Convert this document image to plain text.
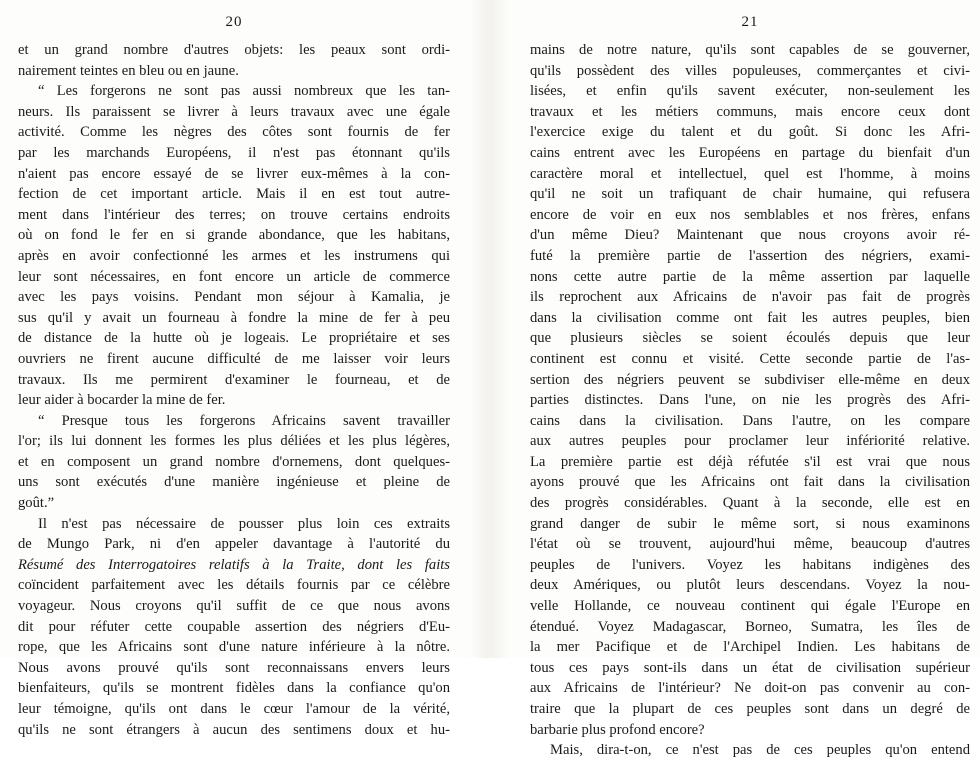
20
et un grand nombre d'autres objets: les peaux sont ordi-
nairement teintes en bleu ou en jaune.
“ Les forgerons ne sont pas aussi nombreux que les tan-
neurs. Ils paraissent se livrer à leurs travaux avec une égale
activité. Comme les nègres des côtes sont fournis de fer
par les marchands Européens, il n'est pas étonnant qu'ils
n'aient pas encore essayé de se livrer eux-mêmes à la con-
fection de cet important article. Mais il en est tout autre-
ment dans l'intérieur des terres; on trouve certains endroits
où on fond le fer en si grande abondance, que les habitans,
après en avoir confectionné les armes et les instrumens qui
leur sont nécessaires, en font encore un article de commerce
avec les pays voisins. Pendant mon séjour à Kamalia, je
sus qu'il y avait un fourneau à fondre la mine de fer à peu
de distance de la hutte où je logeais. Le propriétaire et ses
ouvriers ne firent aucune difficulté de me laisser voir leurs
travaux. Ils me permirent d'examiner le fourneau, et de
leur aider à bocarder la mine de fer.
“ Presque tous les forgerons Africains savent travailler
l'or; ils lui donnent les formes les plus déliées et les plus légères,
et en composent un grand nombre d'ornemens, dont quelques-
uns sont exécutés d'une manière ingénieuse et pleine de
goût.”
Il n'est pas nécessaire de pousser plus loin ces extraits
de Mungo Park, ni d'en appeler davantage à l'autorité du
Résumé des Interrogatoires relatifs à la Traite, dont les faits
coïncident parfaitement avec les détails fournis par ce célèbre
voyageur. Nous croyons qu'il suffit de ce que nous avons
dit pour réfuter cette coupable assertion des négriers d'Eu-
rope, que les Africains sont d'une nature inférieure à la nôtre.
Nous avons prouvé qu'ils sont reconnaissans envers leurs
bienfaiteurs, qu'ils se montrent fidèles dans la confiance qu'on
leur témoigne, qu'ils ont dans le cœur l'amour de la vérité,
qu'ils ne sont étrangers à aucun des sentimens doux et hu-
21
mains de notre nature, qu'ils sont capables de se gouverner,
qu'ils possèdent des villes populeuses, commerçantes et civi-
lisées, et enfin qu'ils savent exécuter, non-seulement les
travaux et les métiers communs, mais encore ceux dont
l'exercice exige du talent et du goût. Si donc les Afri-
cains entrent avec les Européens en partage du bienfait d'un
caractère moral et intellectuel, quel est l'homme, à moins
qu'il ne soit un trafiquant de chair humaine, qui refusera
encore de voir en eux nos semblables et nos frères, enfans
d'un même Dieu? Maintenant que nous croyons avoir ré-
futé la première partie de l'assertion des négriers, exami-
nons cette autre partie de la même assertion par laquelle
ils reprochent aux Africains de n'avoir pas fait de progrès
dans la civilisation comme ont fait les autres peuples, bien
que plusieurs siècles se soient écoulés depuis que leur
continent est connu et visité. Cette seconde partie de l'as-
sertion des négriers peuvent se subdiviser elle-même en deux
parties distinctes. Dans l'une, on nie les progrès des Afri-
cains dans la civilisation. Dans l'autre, on les compare
aux autres peuples pour proclamer leur infériorité relative.
La première partie est déjà réfutée s'il est vrai que nous
ayons prouvé que les Africains ont fait dans la civilisation
des progrès considérables. Quant à la seconde, elle est en
grand danger de subir le même sort, si nous examinons
l'état où se trouvent, aujourd'hui même, beaucoup d'autres
peuples de l'univers. Voyez les habitans indigènes des
deux Amériques, ou plutôt leurs descendans. Voyez la nou-
velle Hollande, ce nouveau continent qui égale l'Europe en
étendué. Voyez Madagascar, Borneo, Sumatra, les îles de
la mer Pacifique et de l'Archipel Indien. Les habitans de
tous ces pays sont-ils dans un état de civilisation supérieur
aux Africains de l'intérieur? Ne doit-on pas convenir au con-
traire que la plupart de ces peuples sont dans un degré de
barbarie plus profond encore?
Mais, dira-t-on, ce n'est pas de ces peuples qu'on entend
